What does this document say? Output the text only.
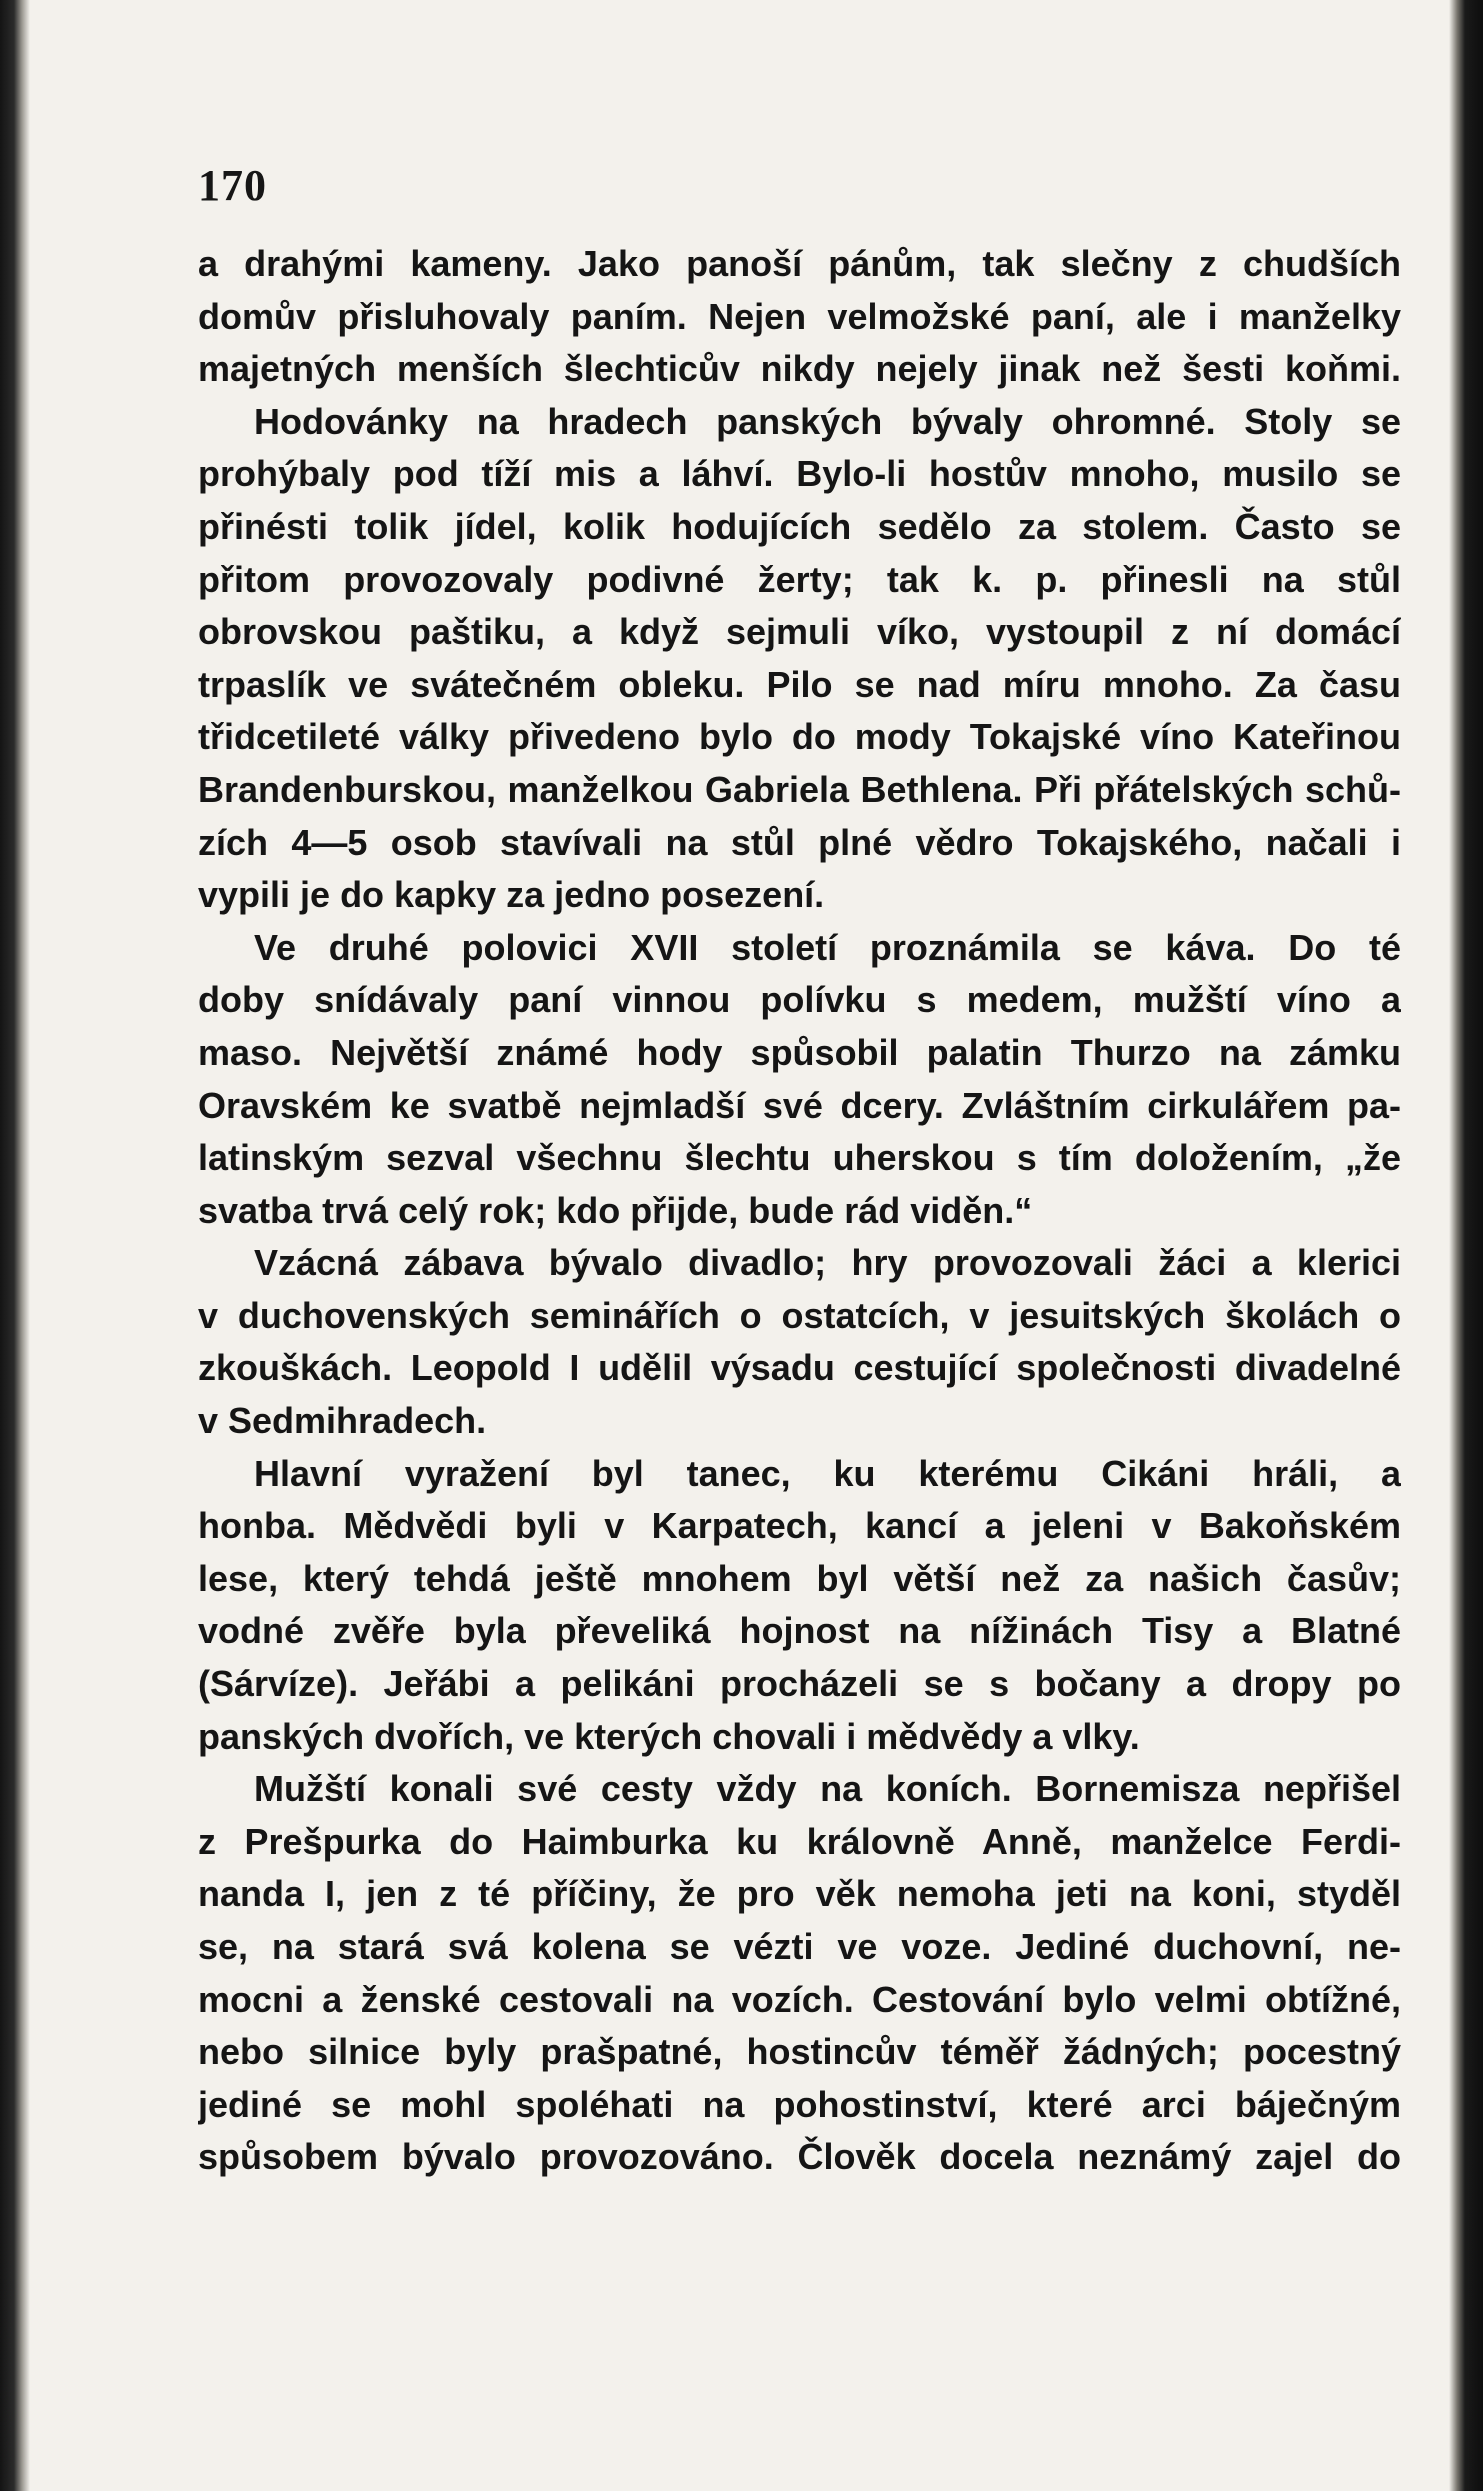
170
a drahými kameny. Jako panoší pánům, tak slečny z chudších
domův přisluhovaly paním. Nejen velmožské paní, ale i manželky
majetných menších šlechticův nikdy nejely jinak než šesti koňmi.
Hodovánky na hradech panských bývaly ohromné. Stoly se
prohýbaly pod tíží mis a láhví. Bylo-li hostův mnoho, musilo se
přinésti tolik jídel, kolik hodujících sedělo za stolem. Často se
přitom provozovaly podivné žerty; tak k. p. přinesli na stůl
obrovskou paštiku, a když sejmuli víko, vystoupil z ní domácí
trpaslík ve svátečném obleku. Pilo se nad míru mnoho. Za času
třidcetileté války přivedeno bylo do mody Tokajské víno Kateřinou
Brandenburskou, manželkou Gabriela Bethlena. Při přátelských schů-
zích 4—5 osob stavívali na stůl plné vědro Tokajského, načali i
vypili je do kapky za jedno posezení.
Ve druhé polovici XVII století proznámila se káva. Do té
doby snídávaly paní vinnou polívku s medem, mužští víno a
maso. Největší známé hody spůsobil palatin Thurzo na zámku
Oravském ke svatbě nejmladší své dcery. Zvláštním cirkulářem pa-
latinským sezval všechnu šlechtu uherskou s tím doložením, „že
svatba trvá celý rok; kdo přijde, bude rád viděn.“
Vzácná zábava bývalo divadlo; hry provozovali žáci a klerici
v duchovenských seminářích o ostatcích, v jesuitských školách o
zkouškách. Leopold I udělil výsadu cestující společnosti divadelné
v Sedmihradech.
Hlavní vyražení byl tanec, ku kterému Cikáni hráli, a
honba. Mědvědi byli v Karpatech, kancí a jeleni v Bakoňském
lese, který tehdá ještě mnohem byl větší než za našich časův;
vodné zvěře byla převeliká hojnost na nížinách Tisy a Blatné
(Sárvíze). Jeřábi a pelikáni procházeli se s bočany a dropy po
panských dvořích, ve kterých chovali i mědvědy a vlky.
Mužští konali své cesty vždy na koních. Bornemisza nepřišel
z Prešpurka do Haimburka ku královně Anně, manželce Ferdi-
nanda I, jen z té příčiny, že pro věk nemoha jeti na koni, styděl
se, na stará svá kolena se vézti ve voze. Jediné duchovní, ne-
mocni a ženské cestovali na vozích. Cestování bylo velmi obtížné,
nebo silnice byly prašpatné, hostincův téměř žádných; pocestný
jediné se mohl spoléhati na pohostinství, které arci báječným
spůsobem bývalo provozováno. Člověk docela neznámý zajel do
